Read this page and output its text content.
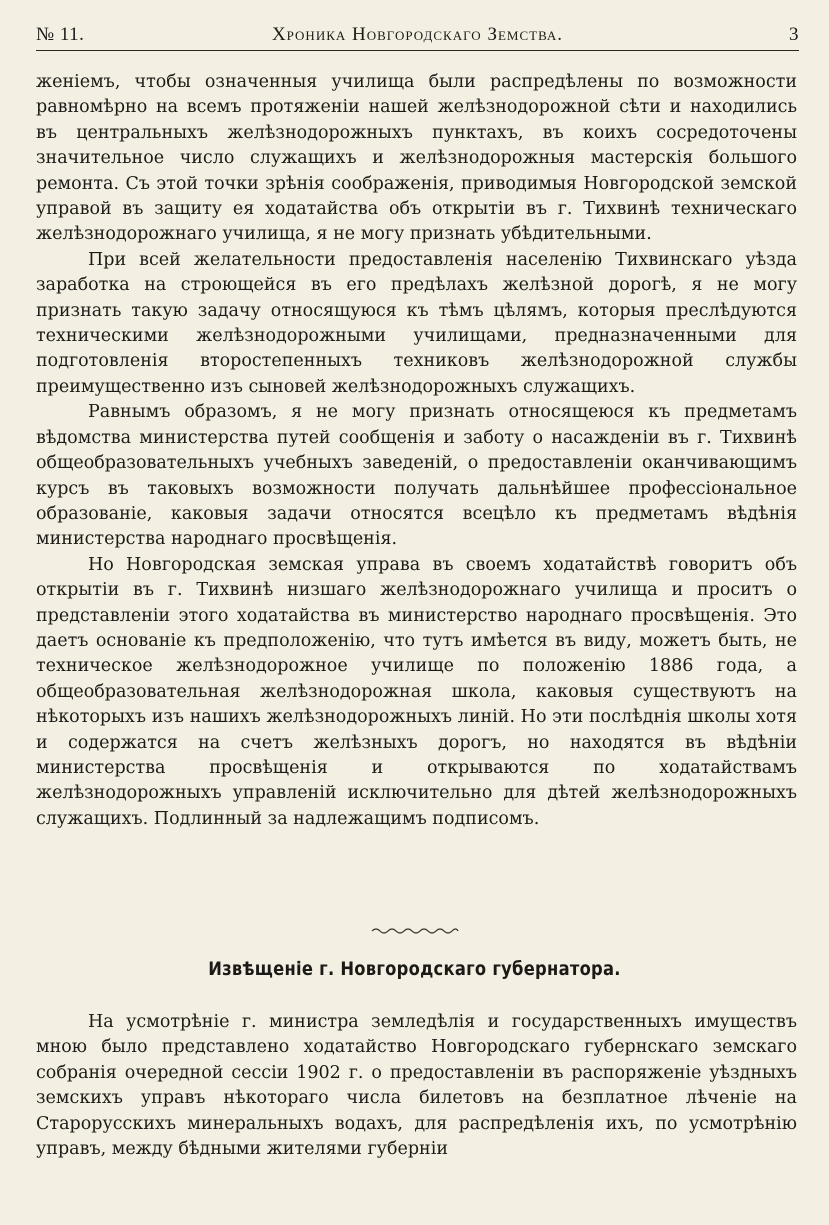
№ 11.	Хроника Новгородскаго Земства.	3

женіемъ, чтобы означенныя училища были распредѣлены по возможности равномѣрно на всемъ протяженіи нашей желѣзнодорожной сѣти и находились въ центральныхъ желѣзнодорожныхъ пунктахъ, въ коихъ сосредоточены значительное число служащихъ и желѣзнодорожныя мастерскія большого ремонта. Съ этой точки зрѣнія соображенія, приводимыя Новгородской земской управой въ защиту ея ходатайства объ открытіи въ г. Тихвинѣ техническаго желѣзнодорожнаго училища, я не могу признать убѣдительными.

При всей желательности предоставленія населенію Тихвинскаго уѣзда заработка на строющейся въ его предѣлахъ желѣзной дорогѣ, я не могу признать такую задачу относящуюся къ тѣмъ цѣлямъ, которыя преслѣдуются техническими желѣзнодорожными училищами, предназначенными для подготовленія второстепенныхъ техниковъ желѣзнодорожной службы преимущественно изъ сыновей желѣзнодорожныхъ служащихъ.

Равнымъ образомъ, я не могу признать относящеюся къ предметамъ вѣдомства министерства путей сообщенія и заботу о насажденіи въ г. Тихвинѣ общеобразовательныхъ учебныхъ заведеній, о предоставленіи оканчивающимъ курсъ въ таковыхъ возможности получать дальнѣйшее профессіональное образованіе, каковыя задачи относятся всецѣло къ предметамъ вѣдѣнія министерства народнаго просвѣщенія.

Но Новгородская земская управа въ своемъ ходатайствѣ говоритъ объ открытіи въ г. Тихвинѣ низшаго желѣзнодорожнаго училища и проситъ о представленіи этого ходатайства въ министерство народнаго просвѣщенія. Это даетъ основаніе къ предположенію, что тутъ имѣется въ виду, можетъ быть, не техническое желѣзнодорожное училище по положенію 1886 года, а общеобразовательная желѣзнодорожная школа, каковыя существуютъ на нѣкоторыхъ изъ нашихъ желѣзнодорожныхъ линій. Но эти послѣднія школы хотя и содержатся на счетъ желѣзныхъ дорогъ, но находятся въ вѣдѣніи министерства просвѣщенія и открываются по ходатайствамъ желѣзнодорожныхъ управленій исключительно для дѣтей желѣзнодорожныхъ служащихъ. Подлинный за надлежащимъ подписомъ.

Извѣщеніе г. Новгородскаго губернатора.

На усмотрѣніе г. министра земледѣлія и государственныхъ имуществъ мною было представлено ходатайство Новгородскаго губернскаго земскаго собранія очередной сессіи 1902 г. о предоставленіи въ распоряженіе уѣздныхъ земскихъ управъ нѣкотораго числа билетовъ на безплатное лѣченіе на Старорусскихъ минеральныхъ водахъ, для распредѣленія ихъ, по усмотрѣнію управъ, между бѣдными жителями губерніи
